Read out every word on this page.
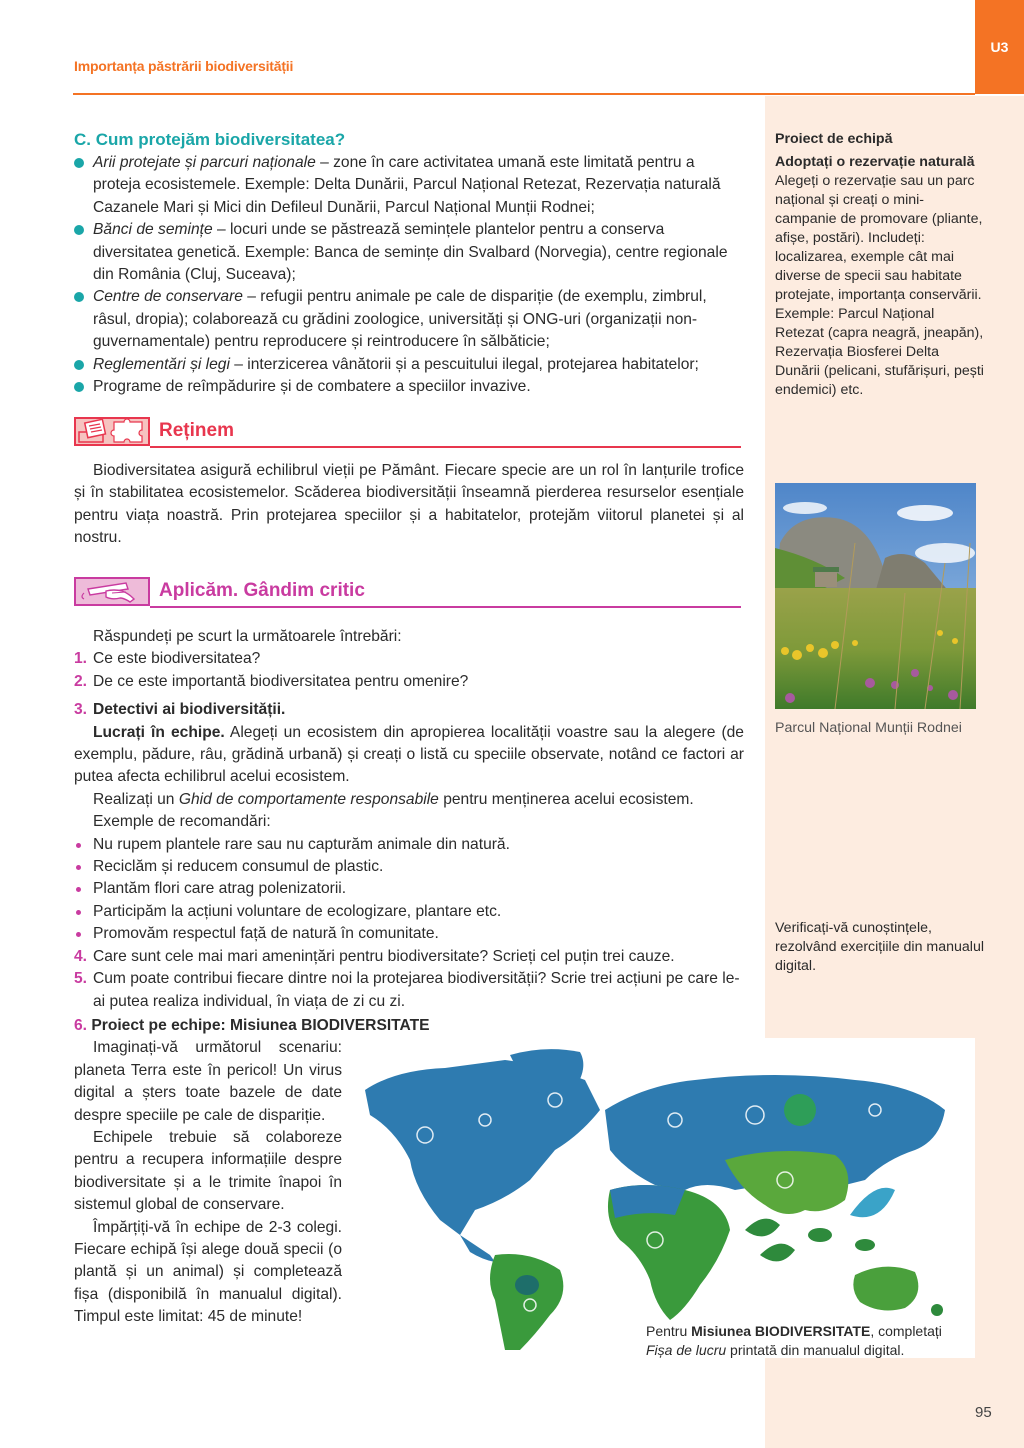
U3
Importanța păstrării biodiversității
C. Cum protejăm biodiversitatea?
Arii protejate și parcuri naționale – zone în care activitatea umană este limitată pentru a proteja ecosistemele. Exemple: Delta Dunării, Parcul Național Retezat, Rezervația naturală Cazanele Mari și Mici din Defileul Dunării, Parcul Național Munții Rodnei;
Bănci de semințe – locuri unde se păstrează semințele plantelor pentru a conserva diversitatea genetică. Exemple: Banca de semințe din Svalbard (Norvegia), centre regionale din România (Cluj, Suceava);
Centre de conservare – refugii pentru animale pe cale de dispariție (de exemplu, zimbrul, râsul, dropia); colaborează cu grădini zoologice, universități și ONG-uri (organizații non-guvernamentale) pentru reproducere și reintroducere în sălbăticie;
Reglementări și legi – interzicerea vânătorii și a pescuitului ilegal, protejarea habitatelor;
Programe de reîmpădurire și de combatere a speciilor invazive.
Reținem

Biodiversitatea asigură echilibrul vieții pe Pământ. Fiecare specie are un rol în lanțurile trofice și în stabilitatea ecosistemelor. Scăderea biodiversității înseamnă pierderea resurselor esențiale pentru viața noastră. Prin protejarea speciilor și a habitatelor, protejăm viitorul planetei și al nostru.

Aplicăm. Gândim critic

Răspundeți pe scurt la următoarele întrebări:

1. Ce este biodiversitatea?
2. De ce este importantă biodiversitatea pentru omenire?
3. Detectivi ai biodiversității.

Lucrați în echipe. Alegeți un ecosistem din apropierea localității voastre sau la alegere (de exemplu, pădure, râu, grădină urbană) și creați o listă cu speciile observate, notând ce factori ar putea afecta echilibrul acelui ecosistem.

Realizați un Ghid de comportamente responsabile pentru menținerea acelui ecosistem.

Exemple de recomandări:

Nu rupem plantele rare sau nu capturăm animale din natură.
Reciclăm și reducem consumul de plastic.
Plantăm flori care atrag polenizatorii.
Participăm la acțiuni voluntare de ecologizare, plantare etc.
Promovăm respectul față de natură în comunitate.
4. Care sunt cele mai mari amenințări pentru biodiversitate? Scrieți cel puțin trei cauze.
5. Cum poate contribui fiecare dintre noi la protejarea biodiversității? Scrie trei acțiuni pe care le-ai putea realiza individual, în viața de zi cu zi.
6. Proiect pe echipe: Misiunea BIODIVERSITATE

Imaginați-vă următorul scenariu: planeta Terra este în pericol! Un virus digital a șters toate bazele de date despre speciile pe cale de dispariție.

Echipele trebuie să colaboreze pentru a recupera informațiile despre biodiversitate și a le trimite înapoi în sistemul global de conservare.

Împărțiți-vă în echipe de 2-3 colegi. Fiecare echipă își alege două specii (o plantă și un animal) și completează fișa (disponibilă în manualul digital). Timpul este limitat: 45 de minute!

Proiect de echipă
Adoptați o rezervație naturală
Alegeți o rezervație sau un parc național și creați o mini-campanie de promovare (pliante, afișe, postări). Includeți: localizarea, exemple cât mai diverse de specii sau habitate protejate, importanța conservării. Exemple: Parcul Național Retezat (capra neagră, jneapăn), Rezervația Biosferei Delta Dunării (pelicani, stufărișuri, pești endemici) etc.
Parcul Național Munții Rodnei
Verificați-vă cunoștințele, rezolvând exercițiile din manualul digital.
Pentru Misiunea BIODIVERSITATE, completați Fișa de lucru printată din manualul digital.
95
